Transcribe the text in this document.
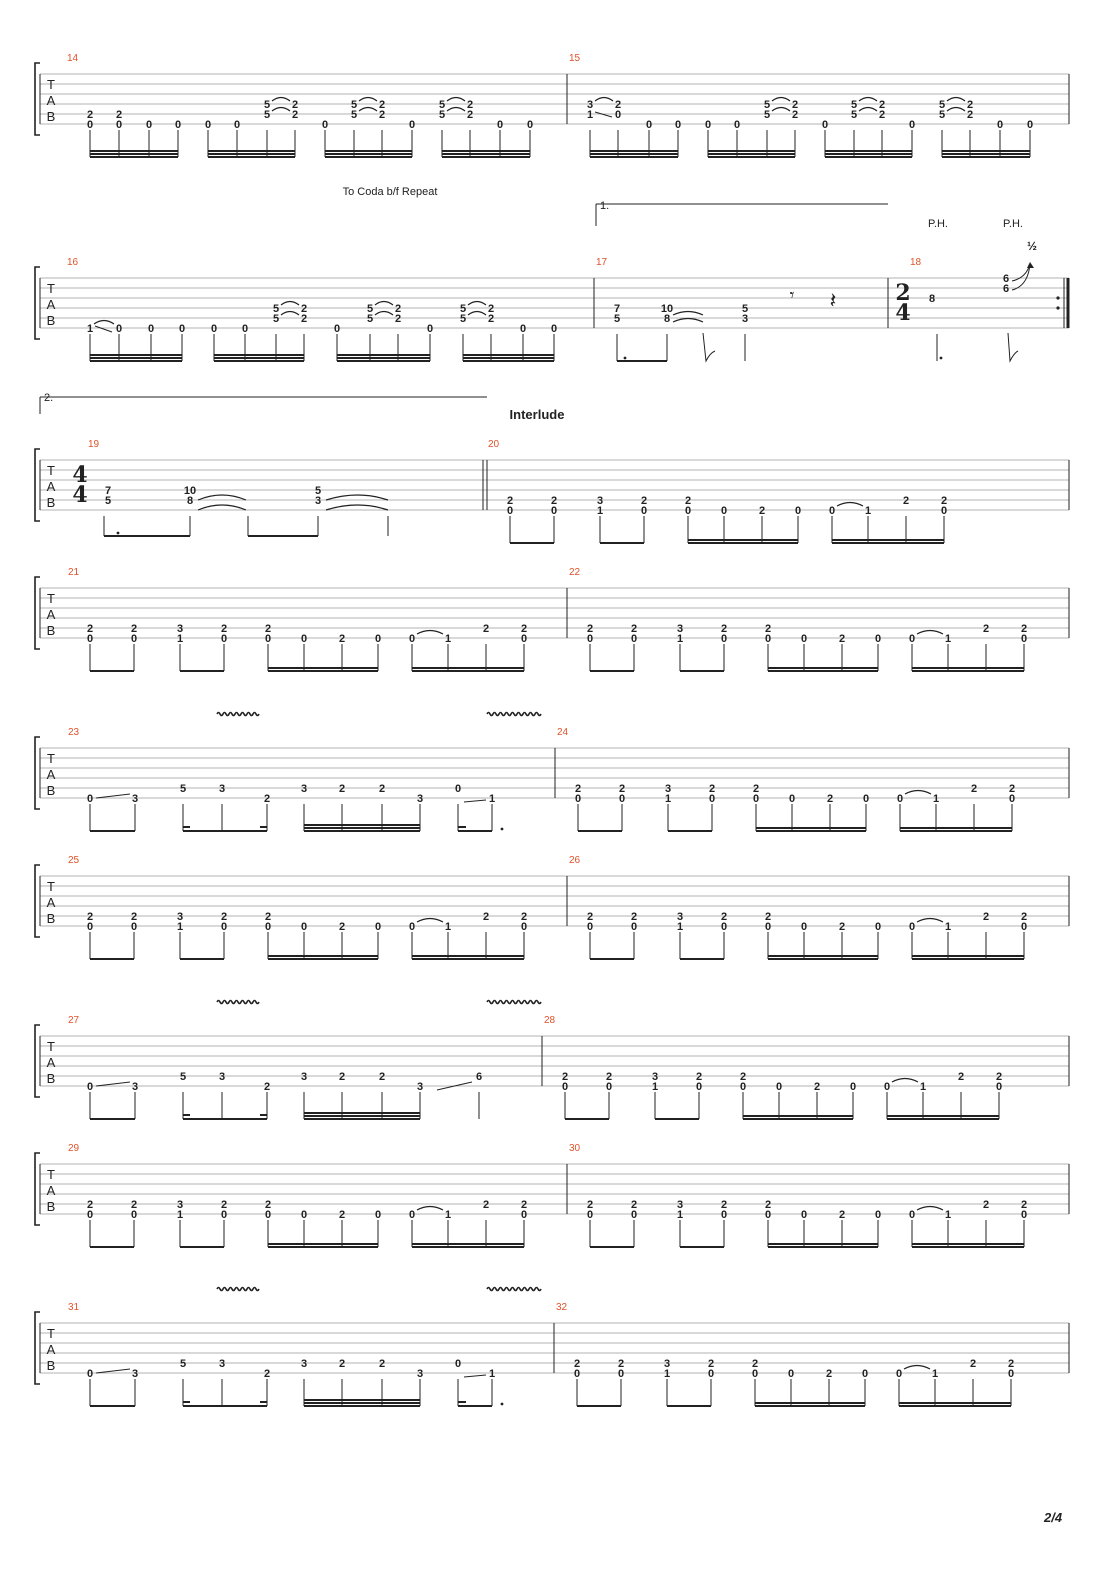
T
A
B
14	15
2
0
2
0 0 0 0 0
5
5
2
2
0
5
5
2
2
0
5
5
2
2
0 0
3
1
2
0
0 0 0 0
5
5
2
2
0
5
5
2
2
0
5
5
2
2
0 0
T
A
B
To Coda b/f Repeat
1.
16	17	18
1 0 0 0 0 0
5
5
2
2
0
5
5
2
2
0
5
5
2
2
0 0
7
5
10
8
5
3
𝄾 𝄽	2
4
P.H.	P.H.
8
6
6
½
T
A
B
2.
Interlude
19	20
4
4 7
5
10
8
5
3	2
0
2
0
3
1
2
0
2
0	0	2	0	0	1
2	2
0
T
A
B
21	22
2
0
2
0
3
1
2
0
2
0	0	2	0	0	1
2	2
0
2
0
2
0
3
1
2
0
2
0	0	2	0	0	1
2	2
0
T
A
B
23	24
0	3
5	3
2
3	2	2
3
0
1
2
0
2
0
3
1
2
0
2
0	0	2	0	0	1
2	2
0
T
A
B
25	26
2
0
2
0
3
1
2
0
2
0	0	2	0	0	1
2	2
0
2
0
2
0
3
1
2
0
2
0	0	2	0	0	1
2	2
0
T
A
B
27	28
0	3
5	3
2
3	2	2
3
6	2
0
2
0
3
1
2
0
2
0	0	2	0	0	1
2	2
0
T
A
B
29	30
2
0
2
0
3
1
2
0
2
0	0	2	0	0	1
2	2
0
2
0
2
0
3
1
2
0
2
0	0	2	0	0	1
2	2
0
T
A
B
31	32
0	3
5	3
2
3	2	2
3
0
1
2
0
2
0
3
1
2
0
2
0	0	2	0	0	1
2	2
0
2/4
